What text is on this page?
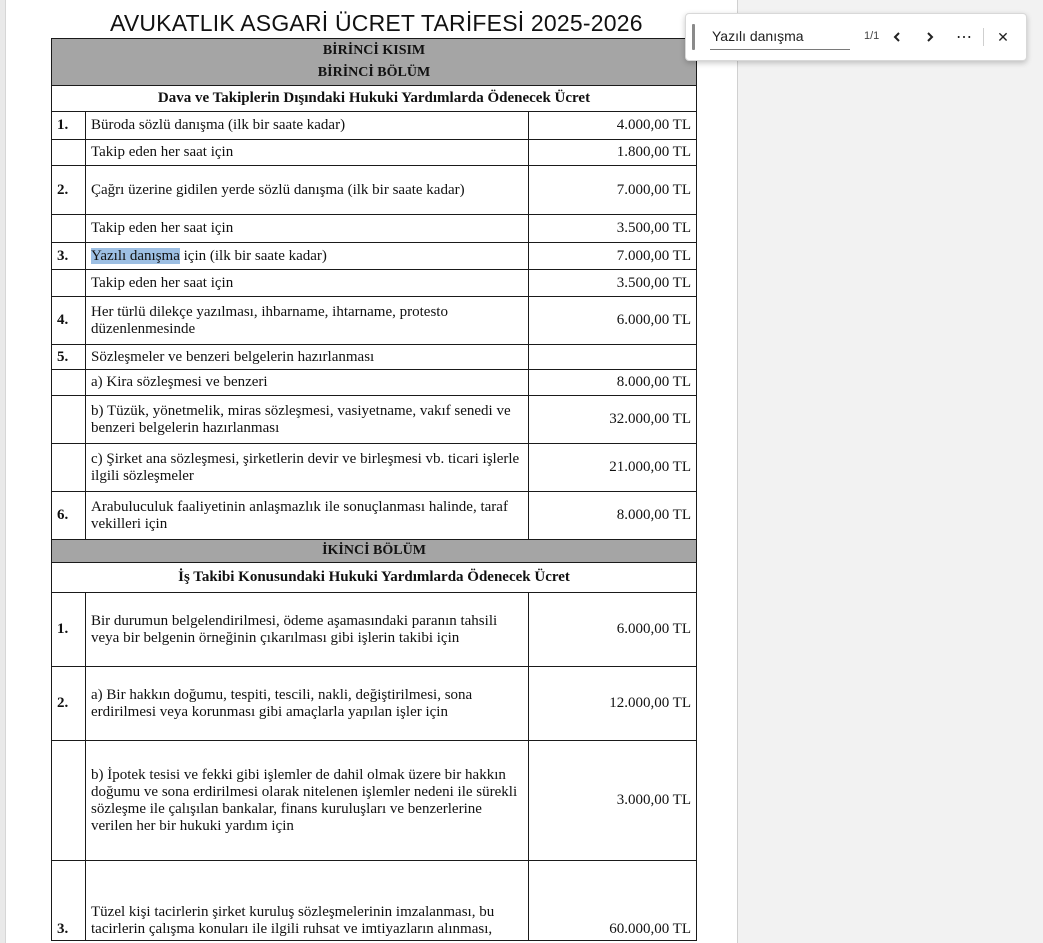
AVUKATLIK ASGARİ ÜCRET TARİFESİ 2025-2026
BİRİNCİ KISIM
BİRİNCİ BÖLÜM		

Dava ve Takiplerin Dışındaki Hukuki Yardımlarda Ödenecek Ücret		
1.	Büroda sözlü danışma (ilk bir saate kadar)	4.000,00 TL
	Takip eden her saat için	1.800,00 TL
2.	Çağrı üzerine gidilen yerde sözlü danışma (ilk bir saate kadar)	7.000,00 TL
	Takip eden her saat için	3.500,00 TL
3.	Yazılı danışma için (ilk bir saate kadar)	7.000,00 TL
	Takip eden her saat için	3.500,00 TL
4.	Her türlü dilekçe yazılması, ihbarname, ihtarname, protesto düzenlenmesinde	6.000,00 TL
5.	Sözleşmeler ve benzeri belgelerin hazırlanması	
	a) Kira sözleşmesi ve benzeri	8.000,00 TL
	b) Tüzük, yönetmelik, miras sözleşmesi, vasiyetname, vakıf senedi ve benzeri belgelerin hazırlanması	32.000,00 TL
	c) Şirket ana sözleşmesi, şirketlerin devir ve birleşmesi vb. ticari işlerle ilgili sözleşmeler	21.000,00 TL
6.	Arabuluculuk faaliyetinin anlaşmazlık ile sonuçlanması halinde, taraf vekilleri için	8.000,00 TL
İKİNCİ BÖLÜM		
İş Takibi Konusundaki Hukuki Yardımlarda Ödenecek Ücret		
1.	Bir durumun belgelendirilmesi, ödeme aşamasındaki paranın tahsili veya bir belgenin örneğinin çıkarılması gibi işlerin takibi için	6.000,00 TL
2.	a) Bir hakkın doğumu, tespiti, tescili, nakli, değiştirilmesi, sona erdirilmesi veya korunması gibi amaçlarla yapılan işler için	12.000,00 TL
	b) İpotek tesisi ve fekki gibi işlemler de dahil olmak üzere bir hakkın doğumu ve sona erdirilmesi olarak nitelenen işlemler nedeni ile sürekli sözleşme ile çalışılan bankalar, finans kuruluşları ve benzerlerine verilen her bir hukuki yardım için	3.000,00 TL
3.	Tüzel kişi tacirlerin şirket kuruluş sözleşmelerinin imzalanması, bu tacirlerin çalışma konuları ile ilgili ruhsat ve imtiyazların alınması,	60.000,00 TL
Yazılı danışma
1/1	⋯ ✕
